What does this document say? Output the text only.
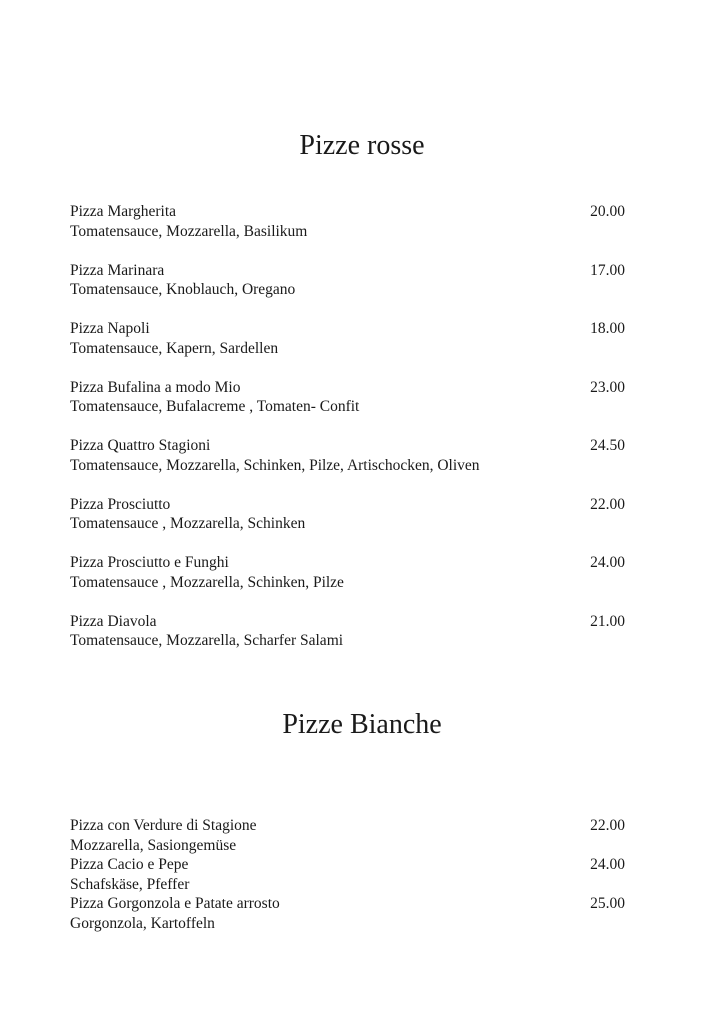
Pizze rosse
Pizza Margherita	20.00
Tomatensauce, Mozzarella, Basilikum
Pizza Marinara	17.00
Tomatensauce, Knoblauch, Oregano
Pizza Napoli	18.00
Tomatensauce, Kapern, Sardellen
Pizza Bufalina a modo Mio	23.00
Tomatensauce, Bufalacreme , Tomaten- Confit
Pizza Quattro Stagioni	24.50
Tomatensauce, Mozzarella, Schinken, Pilze, Artischocken, Oliven
Pizza Prosciutto	22.00
Tomatensauce , Mozzarella, Schinken
Pizza Prosciutto e Funghi	24.00
Tomatensauce , Mozzarella, Schinken, Pilze
Pizza Diavola	21.00
Tomatensauce, Mozzarella, Scharfer Salami
Pizze Bianche
Pizza con Verdure di Stagione	22.00
Mozzarella, Sasiongemüse
Pizza Cacio e Pepe	24.00
Schafskäse, Pfeffer
Pizza Gorgonzola e Patate arrosto	25.00
Gorgonzola, Kartoffeln
